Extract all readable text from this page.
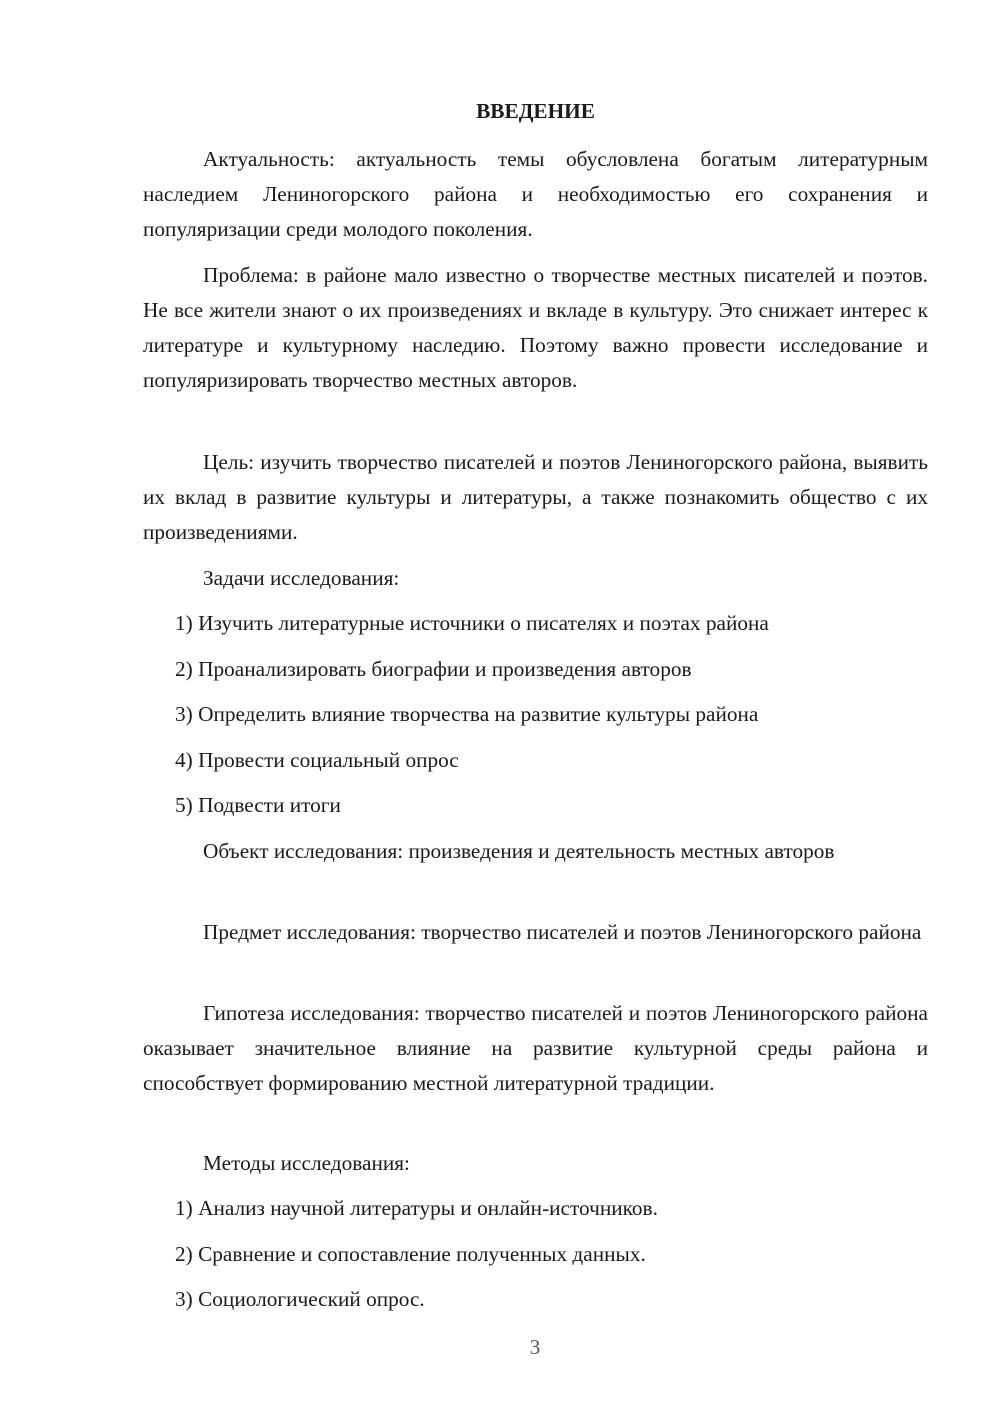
ВВЕДЕНИЕ

Актуальность: актуальность темы обусловлена богатым литературным наследием Лениногорского района и необходимостью его сохранения и популяризации среди молодого поколения.

Проблема: в районе мало известно о творчестве местных писателей и поэтов. Не все жители знают о их произведениях и вкладе в культуру. Это снижает интерес к литературе и культурному наследию. Поэтому важно провести исследование и популяризировать творчество местных авторов.

Цель: изучить творчество писателей и поэтов Лениногорского района, выявить их вклад в развитие культуры и литературы, а также познакомить общество с их произведениями.

Задачи исследования:

1) Изучить литературные источники о писателях и поэтах района

2) Проанализировать биографии и произведения авторов

3) Определить влияние творчества на развитие культуры района

4) Провести социальный опрос

5) Подвести итоги

Объект исследования: произведения и деятельность местных авторов

Предмет исследования: творчество писателей и поэтов Лениногорского района

Гипотеза исследования: творчество писателей и поэтов Лениногорского района оказывает значительное влияние на развитие культурной среды района и способствует формированию местной литературной традиции.

Методы исследования:

1) Анализ научной литературы и онлайн-источников.

2) Сравнение и сопоставление полученных данных.

3) Социологический опрос.

3
